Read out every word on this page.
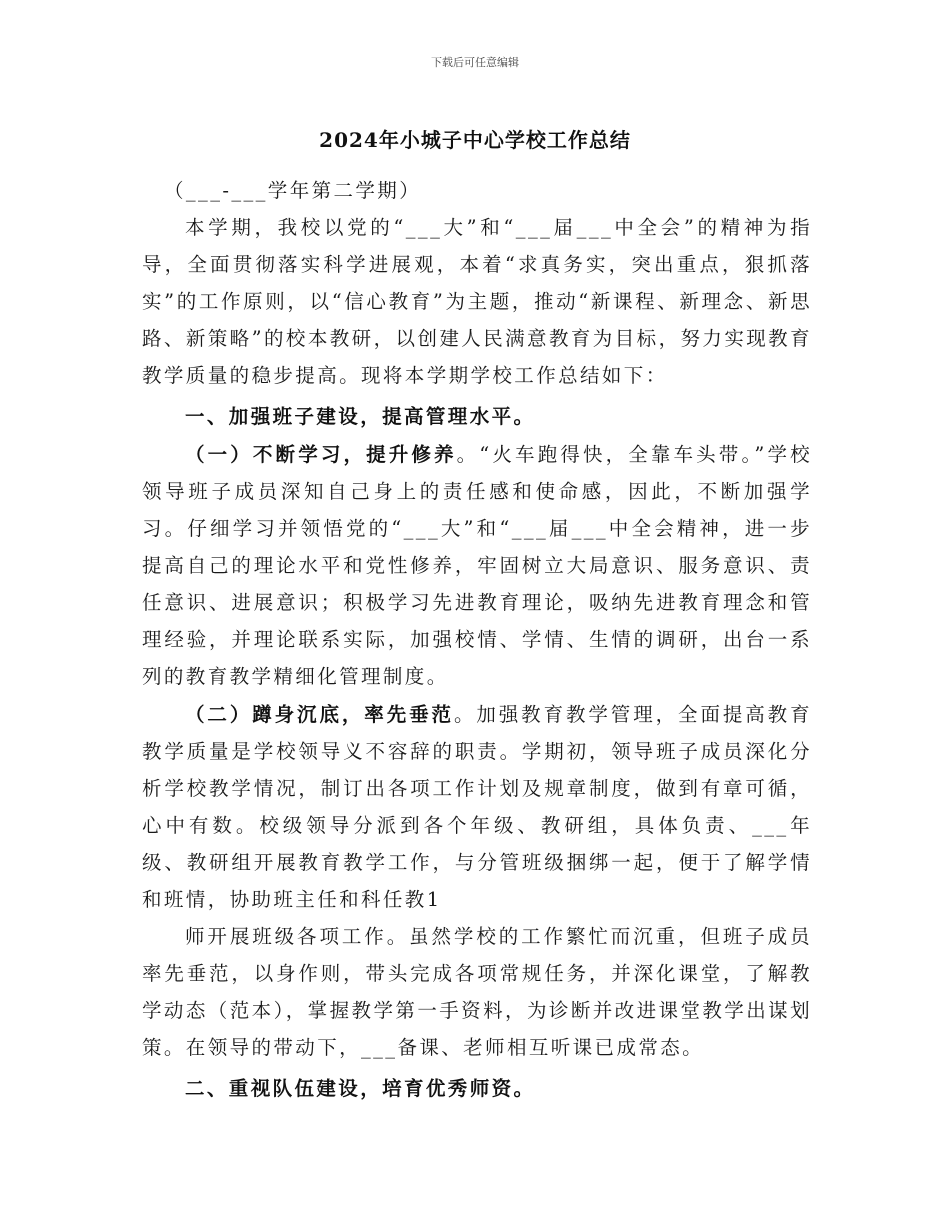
下载后可任意编辑
2024年小城子中心学校工作总结

（___-___学年第二学期）

本学期，我校以党的“___大”和“___届___中全会”的精神为指导，全面贯彻落实科学进展观，本着“求真务实，突出重点，狠抓落实”的工作原则，以“信心教育”为主题，推动“新课程、新理念、新思路、新策略”的校本教研，以创建人民满意教育为目标，努力实现教育教学质量的稳步提高。现将本学期学校工作总结如下：

一、加强班子建设，提高管理水平。

（一）不断学习，提升修养。“火车跑得快，全靠车头带。”学校领导班子成员深知自己身上的责任感和使命感，因此，不断加强学习。仔细学习并领悟党的“___大”和“___届___中全会精神，进一步提高自己的理论水平和党性修养，牢固树立大局意识、服务意识、责任意识、进展意识；积极学习先进教育理论，吸纳先进教育理念和管理经验，并理论联系实际，加强校情、学情、生情的调研，出台一系列的教育教学精细化管理制度。

（二）蹲身沉底，率先垂范。加强教育教学管理，全面提高教育教学质量是学校领导义不容辞的职责。学期初，领导班子成员深化分析学校教学情况，制订出各项工作计划及规章制度，做到有章可循，心中有数。校级领导分派到各个年级、教研组，具体负责、___年级、教研组开展教育教学工作，与分管班级捆绑一起，便于了解学情和班情，协助班主任和科任教1

师开展班级各项工作。虽然学校的工作繁忙而沉重，但班子成员率先垂范，以身作则，带头完成各项常规任务，并深化课堂，了解教学动态（范本），掌握教学第一手资料，为诊断并改进课堂教学出谋划策。在领导的带动下，___备课、老师相互听课已成常态。

二、重视队伍建设，培育优秀师资。
